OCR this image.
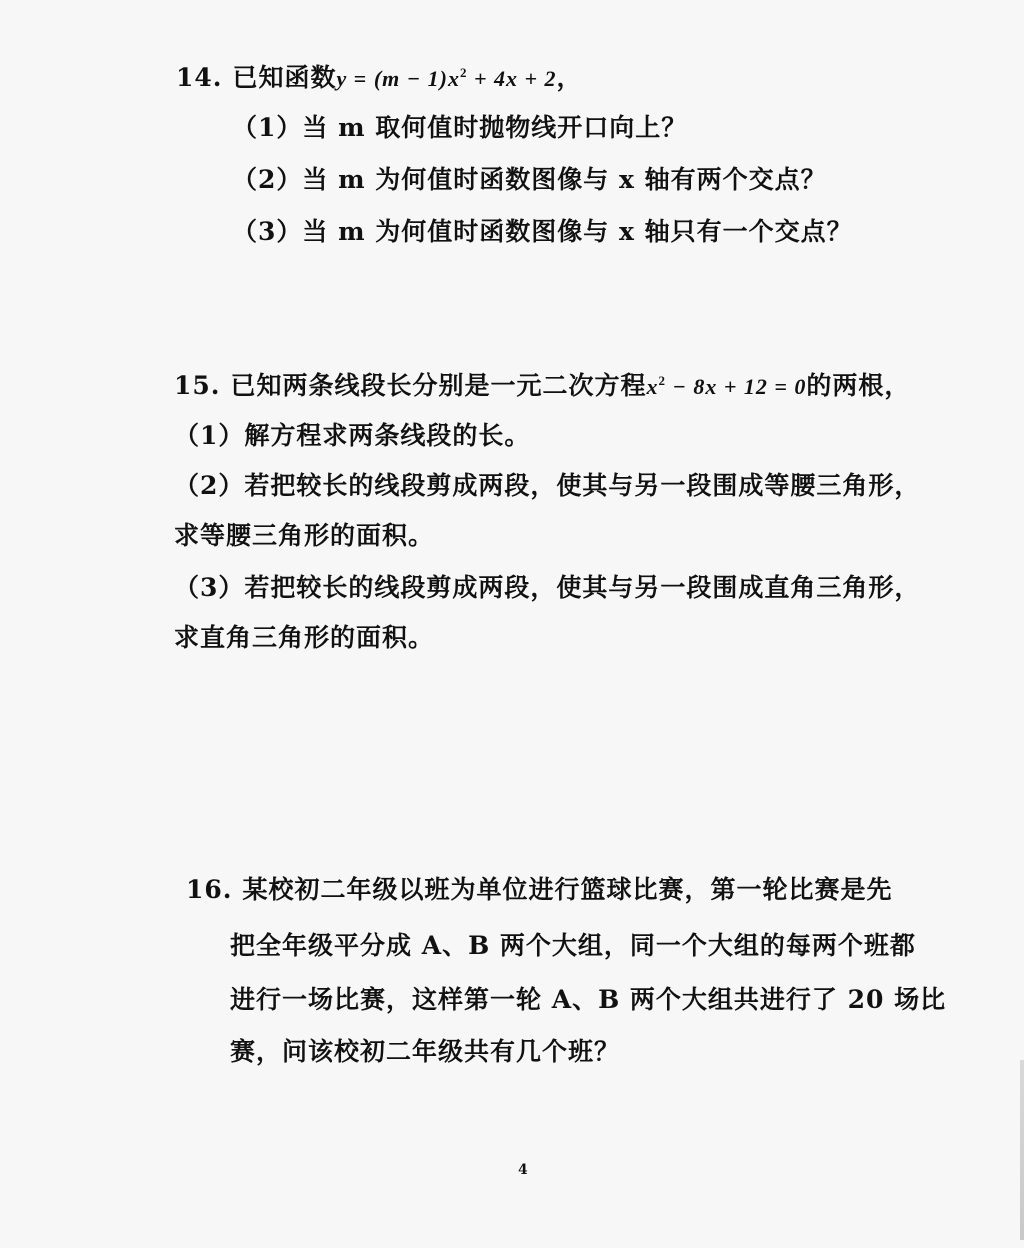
14. 已知函数$y = (m - 1)x^2 + 4x + 2$，
（1）当 m 取何值时抛物线开口向上？
（2）当 m 为何值时函数图像与 x 轴有两个交点？
（3）当 m 为何值时函数图像与 x 轴只有一个交点？
15. 已知两条线段长分别是一元二次方程$x^2 - 8x + 12 = 0$的两根，
（1）解方程求两条线段的长。
（2）若把较长的线段剪成两段，使其与另一段围成等腰三角形，
求等腰三角形的面积。
（3）若把较长的线段剪成两段，使其与另一段围成直角三角形，
求直角三角形的面积。
16. 某校初二年级以班为单位进行篮球比赛，第一轮比赛是先
把全年级平分成 A、B 两个大组，同一个大组的每两个班都
进行一场比赛，这样第一轮 A、B 两个大组共进行了 20 场比
赛，问该校初二年级共有几个班？
4
